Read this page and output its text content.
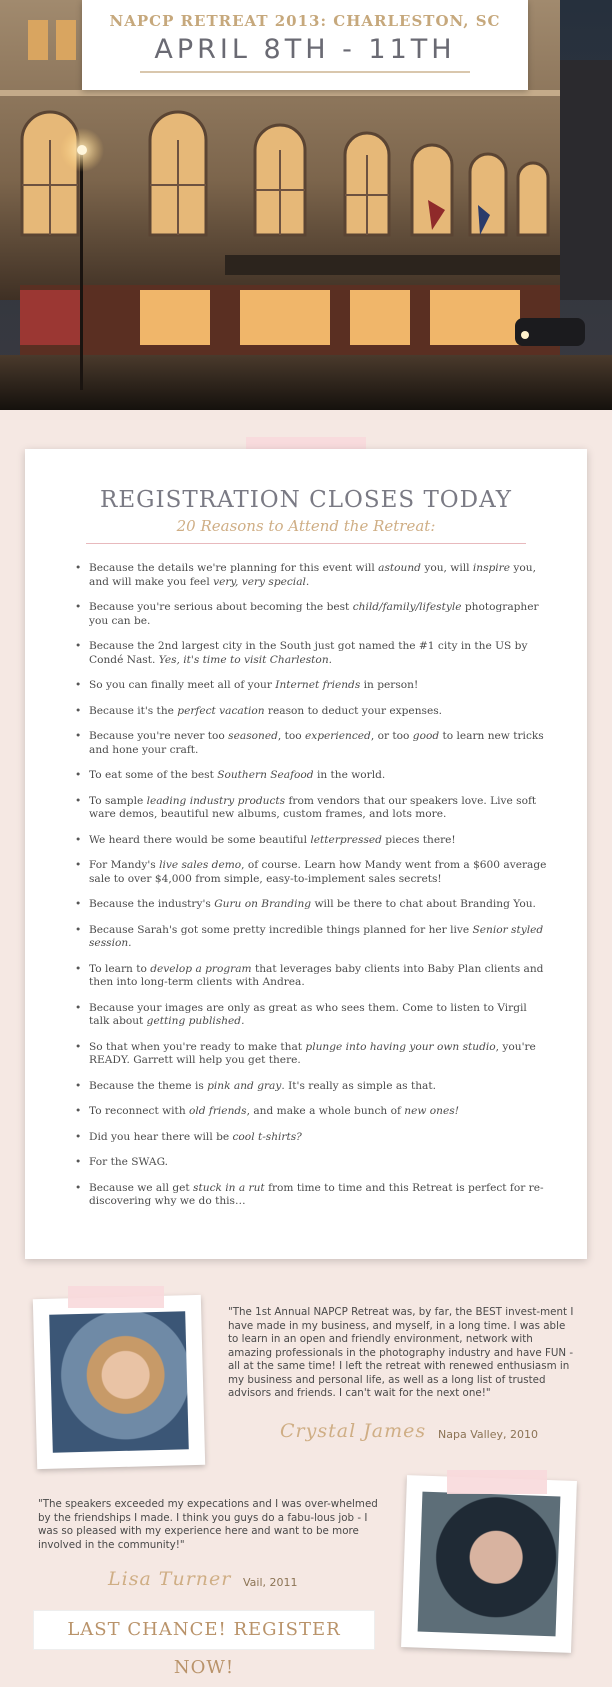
NAPCP RETREAT 2013: CHARLESTON, SC
APRIL 8TH - 11TH
REGISTRATION CLOSES TODAY
20 Reasons to Attend the Retreat:
• Because the details we're planning for this event will astound you, will inspire you, and will make you feel very, very special.
• Because you're serious about becoming the best child/family/lifestyle photographer you can be.
• Because the 2nd largest city in the South just got named the #1 city in the US by Condé Nast. Yes, it's time to visit Charleston.
• So you can finally meet all of your Internet friends in person!
• Because it's the perfect vacation reason to deduct your expenses.
• Because you're never too seasoned, too experienced, or too good to learn new tricks and hone your craft.
• To eat some of the best Southern Seafood in the world.
• To sample leading industry products from vendors that our speakers love. Live soft ware demos, beautiful new albums, custom frames, and lots more.
• We heard there would be some beautiful letterpressed pieces there!
• For Mandy's live sales demo, of course. Learn how Mandy went from a $600 average sale to over $4,000 from simple, easy-to-implement sales secrets!
• Because the industry's Guru on Branding will be there to chat about Branding You.
• Because Sarah's got some pretty incredible things planned for her live Senior styled session.
• To learn to develop a program that leverages baby clients into Baby Plan clients and then into long-term clients with Andrea.
• Because your images are only as great as who sees them. Come to listen to Virgil talk about getting published.
• So that when you're ready to make that plunge into having your own studio, you're READY. Garrett will help you get there.
• Because the theme is pink and gray. It's really as simple as that.
• To reconnect with old friends, and make a whole bunch of new ones!
• Did you hear there will be cool t-shirts?
• For the SWAG.
• Because we all get stuck in a rut from time to time and this Retreat is perfect for re-discovering why we do this…
"The 1st Annual NAPCP Retreat was, by far, the BEST invest-ment I have made in my business, and myself, in a long time. I was able to learn in an open and friendly environment, network with amazing professionals in the photography industry and have FUN - all at the same time! I left the retreat with renewed enthusiasm in my business and personal life, as well as a long list of trusted advisors and friends. I can't wait for the next one!"
Crystal James Napa Valley, 2010
"The speakers exceeded my expecations and I was over-whelmed by the friendships I made. I think you guys do a fabu-lous job - I was so pleased with my experience here and want to be more involved in the community!"
Lisa Turner Vail, 2011
LAST CHANCE! REGISTER NOW!
